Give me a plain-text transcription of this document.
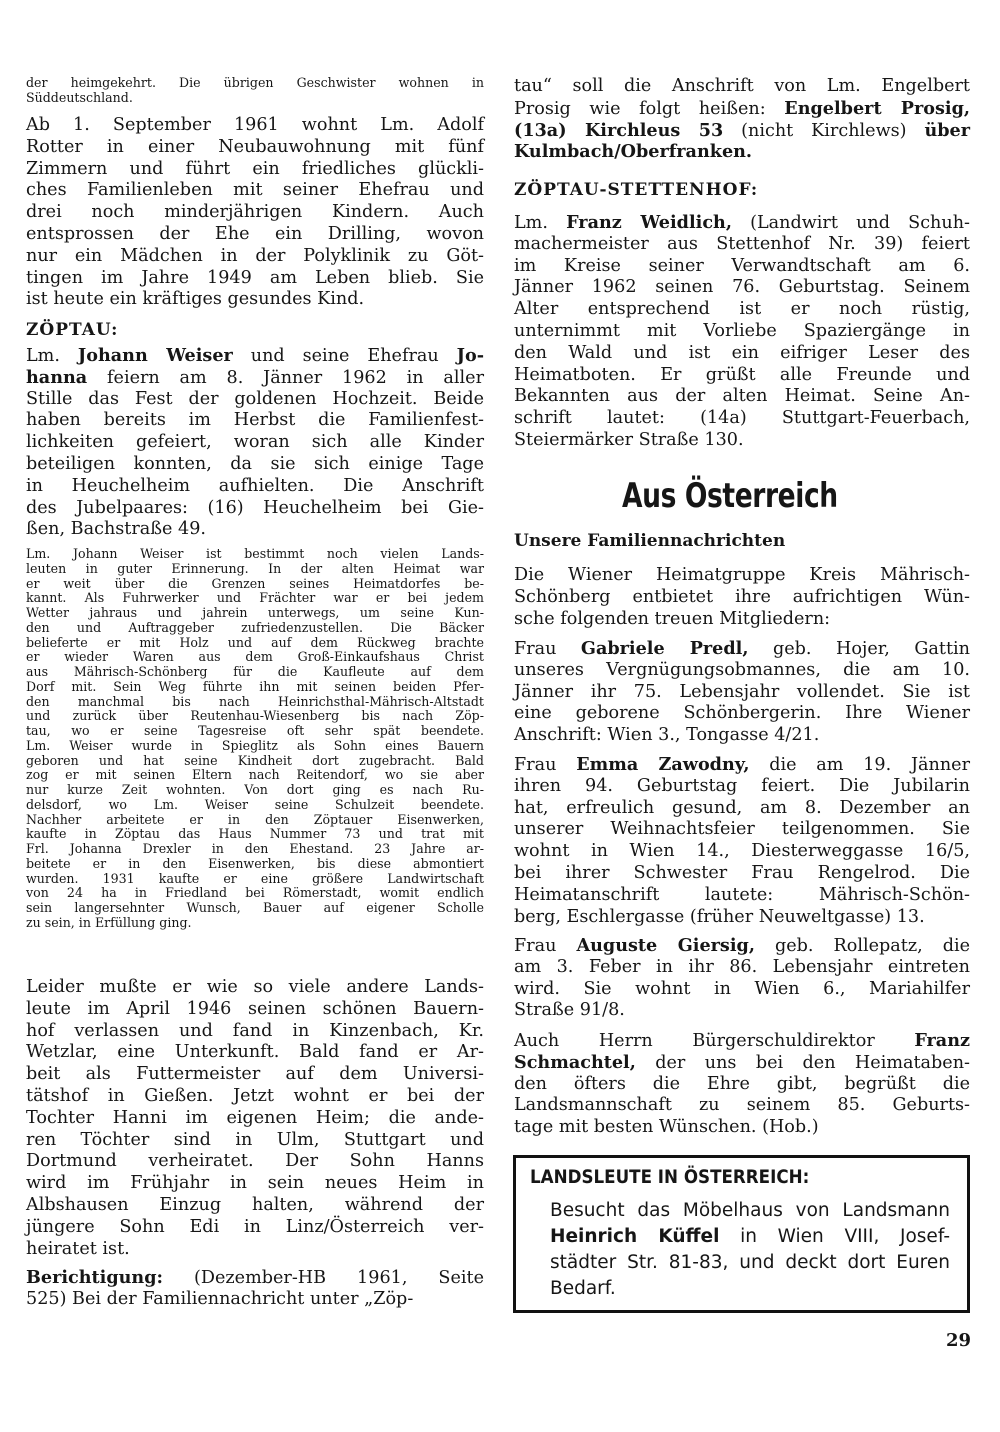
der heimgekehrt. Die übrigen Geschwister wohnen in
Süddeutschland.
Ab 1. September 1961 wohnt Lm. Adolf
Rotter in einer Neubauwohnung mit fünf
Zimmern und führt ein friedliches glückli-
ches Familienleben mit seiner Ehefrau und
drei noch minderjährigen Kindern. Auch
entsprossen der Ehe ein Drilling, wovon
nur ein Mädchen in der Polyklinik zu Göt-
tingen im Jahre 1949 am Leben blieb. Sie
ist heute ein kräftiges gesundes Kind.
ZÖPTAU:
Lm. Johann Weiser und seine Ehefrau Jo-
hanna feiern am 8. Jänner 1962 in aller
Stille das Fest der goldenen Hochzeit. Beide
haben bereits im Herbst die Familienfest-
lichkeiten gefeiert, woran sich alle Kinder
beteiligen konnten, da sie sich einige Tage
in Heuchelheim aufhielten. Die Anschrift
des Jubelpaares: (16) Heuchelheim bei Gie-
ßen, Bachstraße 49.
Lm. Johann Weiser ist bestimmt noch vielen Lands-
leuten in guter Erinnerung. In der alten Heimat war
er weit über die Grenzen seines Heimatdorfes be-
kannt. Als Fuhrwerker und Frächter war er bei jedem
Wetter jahraus und jahrein unterwegs, um seine Kun-
den und Auftraggeber zufriedenzustellen. Die Bäcker
belieferte er mit Holz und auf dem Rückweg brachte
er wieder Waren aus dem Groß-Einkaufshaus Christ
aus Mährisch-Schönberg für die Kaufleute auf dem
Dorf mit. Sein Weg führte ihn mit seinen beiden Pfer-
den manchmal bis nach Heinrichsthal-Mährisch-Altstadt
und zurück über Reutenhau-Wiesenberg bis nach Zöp-
tau, wo er seine Tagesreise oft sehr spät beendete.
Lm. Weiser wurde in Spieglitz als Sohn eines Bauern
geboren und hat seine Kindheit dort zugebracht. Bald
zog er mit seinen Eltern nach Reitendorf, wo sie aber
nur kurze Zeit wohnten. Von dort ging es nach Ru-
delsdorf, wo Lm. Weiser seine Schulzeit beendete.
Nachher arbeitete er in den Zöptauer Eisenwerken,
kaufte in Zöptau das Haus Nummer 73 und trat mit
Frl. Johanna Drexler in den Ehestand. 23 Jahre ar-
beitete er in den Eisenwerken, bis diese abmontiert
wurden. 1931 kaufte er eine größere Landwirtschaft
von 24 ha in Friedland bei Römerstadt, womit endlich
sein langersehnter Wunsch, Bauer auf eigener Scholle
zu sein, in Erfüllung ging.
Leider mußte er wie so viele andere Lands-
leute im April 1946 seinen schönen Bauern-
hof verlassen und fand in Kinzenbach, Kr.
Wetzlar, eine Unterkunft. Bald fand er Ar-
beit als Futtermeister auf dem Universi-
tätshof in Gießen. Jetzt wohnt er bei der
Tochter Hanni im eigenen Heim; die ande-
ren Töchter sind in Ulm, Stuttgart und
Dortmund verheiratet. Der Sohn Hanns
wird im Frühjahr in sein neues Heim in
Albshausen Einzug halten, während der
jüngere Sohn Edi in Linz/Österreich ver-
heiratet ist.
Berichtigung: (Dezember-HB 1961, Seite
525) Bei der Familiennachricht unter „Zöp-
tau“ soll die Anschrift von Lm. Engelbert
Prosig wie folgt heißen: Engelbert Prosig,
(13a) Kirchleus 53 (nicht Kirchlews) über
Kulmbach/Oberfranken.
ZÖPTAU-STETTENHOF:
Lm. Franz Weidlich, (Landwirt und Schuh-
machermeister aus Stettenhof Nr. 39) feiert
im Kreise seiner Verwandtschaft am 6.
Jänner 1962 seinen 76. Geburtstag. Seinem
Alter entsprechend ist er noch rüstig,
unternimmt mit Vorliebe Spaziergänge in
den Wald und ist ein eifriger Leser des
Heimatboten. Er grüßt alle Freunde und
Bekannten aus der alten Heimat. Seine An-
schrift lautet: (14a) Stuttgart-Feuerbach,
Steiermärker Straße 130.
Aus Österreich
Unsere Familiennachrichten
Die Wiener Heimatgruppe Kreis Mährisch-
Schönberg entbietet ihre aufrichtigen Wün-
sche folgenden treuen Mitgliedern:
Frau Gabriele Predl, geb. Hojer, Gattin
unseres Vergnügungsobmannes, die am 10.
Jänner ihr 75. Lebensjahr vollendet. Sie ist
eine geborene Schönbergerin. Ihre Wiener
Anschrift: Wien 3., Tongasse 4/21.
Frau Emma Zawodny, die am 19. Jänner
ihren 94. Geburtstag feiert. Die Jubilarin
hat, erfreulich gesund, am 8. Dezember an
unserer Weihnachtsfeier teilgenommen. Sie
wohnt in Wien 14., Diesterweggasse 16/5,
bei ihrer Schwester Frau Rengelrod. Die
Heimatanschrift lautete: Mährisch-Schön-
berg, Eschlergasse (früher Neuweltgasse) 13.
Frau Auguste Giersig, geb. Rollepatz, die
am 3. Feber in ihr 86. Lebensjahr eintreten
wird. Sie wohnt in Wien 6., Mariahilfer
Straße 91/8.
Auch Herrn Bürgerschuldirektor Franz
Schmachtel, der uns bei den Heimataben-
den öfters die Ehre gibt, begrüßt die
Landsmannschaft zu seinem 85. Geburts-
tage mit besten Wünschen. (Hob.)
LANDSLEUTE IN ÖSTERREICH:
Besucht das Möbelhaus von Landsmann
Heinrich Küffel in Wien VIII, Josef-
städter Str. 81-83, und deckt dort Euren
Bedarf.
29
